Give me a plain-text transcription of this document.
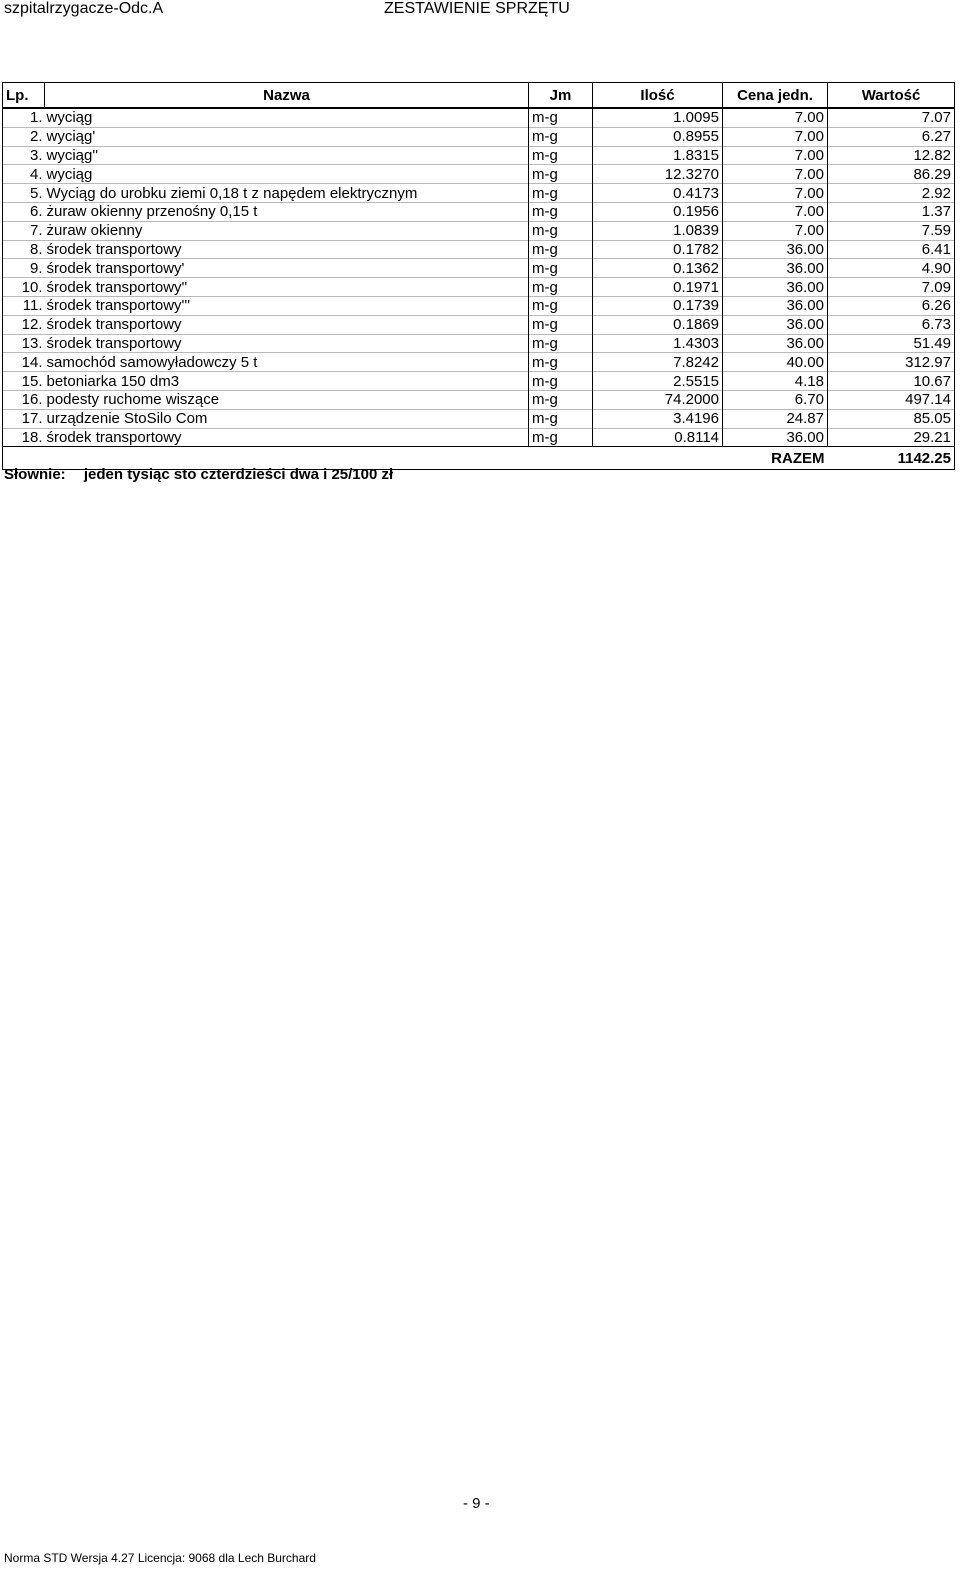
szpitalrzygacze-Odc.A	ZESTAWIENIE SPRZĘTU
Lp.	Nazwa	Jm	Ilość	Cena jedn.	Wartość
1.	wyciąg	m-g	1.0095	7.00	7.07
2.	wyciąg'	m-g	0.8955	7.00	6.27
3.	wyciąg''	m-g	1.8315	7.00	12.82
4.	wyciąg	m-g	12.3270	7.00	86.29
5.	Wyciąg do urobku ziemi 0,18 t z napędem elektrycznym	m-g	0.4173	7.00	2.92
6.	żuraw okienny przenośny 0,15 t	m-g	0.1956	7.00	1.37
7.	żuraw okienny	m-g	1.0839	7.00	7.59
8.	środek transportowy	m-g	0.1782	36.00	6.41
9.	środek transportowy'	m-g	0.1362	36.00	4.90
10.	środek transportowy''	m-g	0.1971	36.00	7.09
11.	środek transportowy'''	m-g	0.1739	36.00	6.26
12.	środek transportowy	m-g	0.1869	36.00	6.73
13.	środek transportowy	m-g	1.4303	36.00	51.49
14.	samochód samowyładowczy 5 t	m-g	7.8242	40.00	312.97
15.	betoniarka 150 dm3	m-g	2.5515	4.18	10.67
16.	podesty ruchome wiszące	m-g	74.2000	6.70	497.14
17.	urządzenie StoSilo Com	m-g	3.4196	24.87	85.05
18.	środek transportowy	m-g	0.8114	36.00	29.21
				RAZEM	1142.25
Słownie: jeden tysiąc sto czterdzieści dwa i 25/100 zł
- 9 -
Norma STD Wersja 4.27 Licencja: 9068 dla Lech Burchard
